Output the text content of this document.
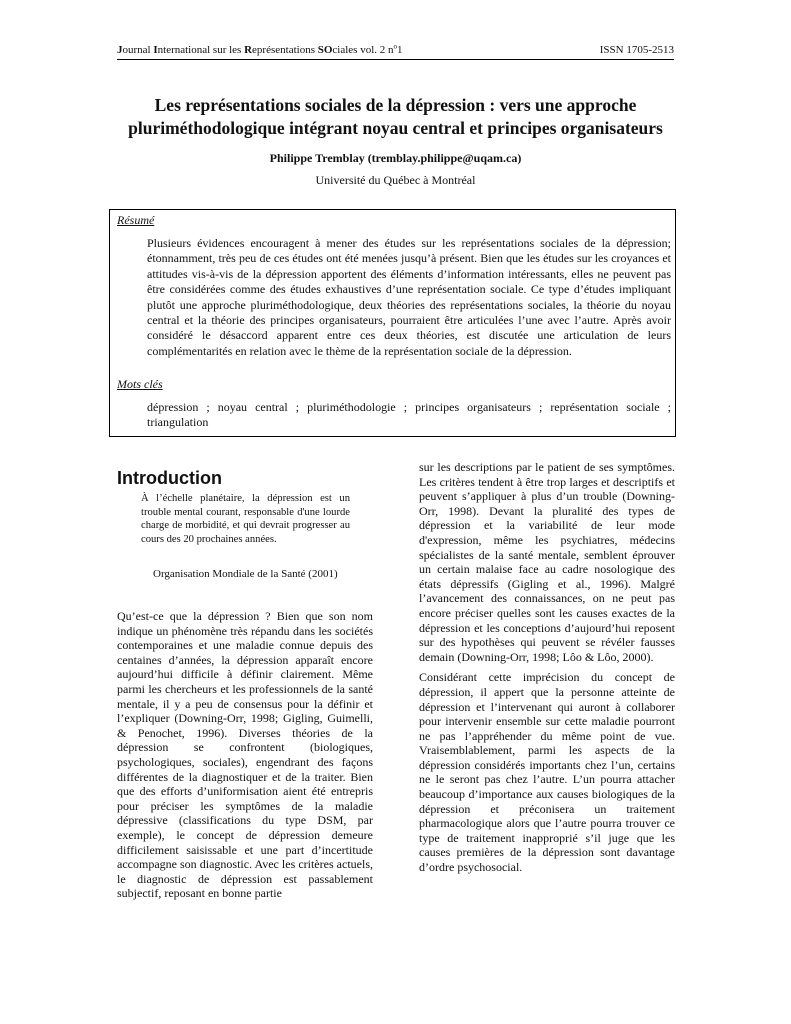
Journal International sur les Représentations SOciales vol. 2 $n^o1$	ISSN 1705-2513
Les représentations sociales de la dépression : vers une approche
pluriméthodologique intégrant noyau central et principes organisateurs
Philippe Tremblay (tremblay.philippe@uqam.ca)
Université du Québec à Montréal
Résumé
Plusieurs évidences encouragent à mener des études sur les représentations sociales de la dépression; étonnamment, très peu de ces études ont été menées jusqu’à présent. Bien que les études sur les croyances et attitudes vis-à-vis de la dépression apportent des éléments d’information intéressants, elles ne peuvent pas être considérées comme des études exhaustives d’une représentation sociale. Ce type d’études impliquant plutôt une approche pluriméthodologique, deux théories des représentations sociales, la théorie du noyau central et la théorie des principes organisateurs, pourraient être articulées l’une avec l’autre. Après avoir considéré le désaccord apparent entre ces deux théories, est discutée une articulation de leurs complémentarités en relation avec le thème de la représentation sociale de la dépression.
Mots clés
dépression ; noyau central ; pluriméthodologie ; principes organisateurs ; représentation sociale ; triangulation
Introduction
À l’échelle planétaire, la dépression est un trouble mental courant, responsable d'une lourde charge de morbidité, et qui devrait progresser au cours des 20 prochaines années.
Organisation Mondiale de la Santé (2001)

Qu’est-ce que la dépression ? Bien que son nom indique un phénomène très répandu dans les sociétés contemporaines et une maladie connue depuis des centaines d’années, la dépression apparaît encore aujourd’hui difficile à définir clairement. Même parmi les chercheurs et les professionnels de la santé mentale, il y a peu de consensus pour la définir et l’expliquer (Downing-Orr, 1998; Gigling, Guimelli, & Penochet, 1996). Diverses théories de la dépression se confrontent (biologiques, psychologiques, sociales), engendrant des façons différentes de la diagnostiquer et de la traiter. Bien que des efforts d’uniformisation aient été entrepris pour préciser les symptômes de la maladie dépressive (classifications du type DSM, par exemple), le concept de dépression demeure difficilement saisissable et une part d’incertitude accompagne son diagnostic. Avec les critères actuels, le diagnostic de dépression est passablement subjectif, reposant en bonne partie

sur les descriptions par le patient de ses symptômes. Les critères tendent à être trop larges et descriptifs et peuvent s’appliquer à plus d’un trouble (Downing-Orr, 1998). Devant la pluralité des types de dépression et la variabilité de leur mode d'expression, même les psychiatres, médecins spécialistes de la santé mentale, semblent éprouver un certain malaise face au cadre nosologique des états dépressifs (Gigling et al., 1996). Malgré l’avancement des connaissances, on ne peut pas encore préciser quelles sont les causes exactes de la dépression et les conceptions d’aujourd’hui reposent sur des hypothèses qui peuvent se révéler fausses demain (Downing-Orr, 1998; Lôo & Lôo, 2000).

Considérant cette imprécision du concept de dépression, il appert que la personne atteinte de dépression et l’intervenant qui auront à collaborer pour intervenir ensemble sur cette maladie pourront ne pas l’appréhender du même point de vue. Vraisemblablement, parmi les aspects de la dépression considérés importants chez l’un, certains ne le seront pas chez l’autre. L’un pourra attacher beaucoup d’importance aux causes biologiques de la dépression et préconisera un traitement pharmacologique alors que l’autre pourra trouver ce type de traitement inapproprié s’il juge que les causes premières de la dépression sont davantage d’ordre psychosocial.
